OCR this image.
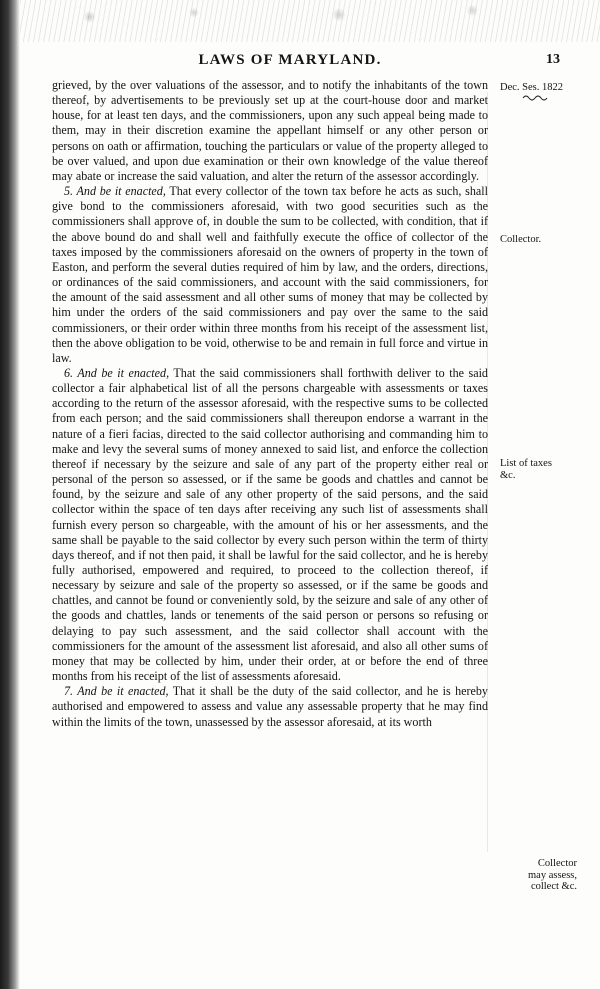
LAWS OF MARYLAND.	13
Dec. Ses. 1822
Collector.
List of taxes
&c.
Collector
may assess,
collect &c.

grieved, by the over valuations of the assessor, and to notify the inhabitants of the town thereof, by advertisements to be previously set up at the court-house door and market house, for at least ten days, and the commissioners, upon any such appeal being made to them, may in their discretion examine the appellant himself or any other person or persons on oath or affirmation, touching the particulars or value of the property alleged to be over valued, and upon due examination or their own knowledge of the value thereof may abate or increase the said valuation, and alter the return of the assessor accordingly.

5. And be it enacted, That every collector of the town tax before he acts as such, shall give bond to the commissioners aforesaid, with two good securities such as the commissioners shall approve of, in double the sum to be collected, with condition, that if the above bound do and shall well and faithfully execute the office of collector of the taxes imposed by the commissioners aforesaid on the owners of property in the town of Easton, and perform the several duties required of him by law, and the orders, directions, or ordinances of the said commissioners, and account with the said commissioners, for the amount of the said assessment and all other sums of money that may be collected by him under the orders of the said commissioners and pay over the same to the said commissioners, or their order within three months from his receipt of the assessment list, then the above obligation to be void, otherwise to be and remain in full force and virtue in law.

6. And be it enacted, That the said commissioners shall forthwith deliver to the said collector a fair alphabetical list of all the persons chargeable with assessments or taxes according to the return of the assessor aforesaid, with the respective sums to be collected from each person; and the said commissioners shall thereupon endorse a warrant in the nature of a fieri facias, directed to the said collector authorising and commanding him to make and levy the several sums of money annexed to said list, and enforce the collection thereof if necessary by the seizure and sale of any part of the property either real or personal of the person so assessed, or if the same be goods and chattles and cannot be found, by the seizure and sale of any other property of the said persons, and the said collector within the space of ten days after receiving any such list of assessments shall furnish every person so chargeable, with the amount of his or her assessments, and the same shall be payable to the said collector by every such person within the term of thirty days thereof, and if not then paid, it shall be lawful for the said collector, and he is hereby fully authorised, empowered and required, to proceed to the collection thereof, if necessary by seizure and sale of the property so assessed, or if the same be goods and chattles, and cannot be found or conveniently sold, by the seizure and sale of any other of the goods and chattles, lands or tenements of the said person or persons so refusing or delaying to pay such assessment, and the said collector shall account with the commissioners for the amount of the assessment list aforesaid, and also all other sums of money that may be collected by him, under their order, at or before the end of three months from his receipt of the list of assessments aforesaid.

7. And be it enacted, That it shall be the duty of the said collector, and he is hereby authorised and empowered to assess and value any assessable property that he may find within the limits of the town, unassessed by the assessor aforesaid, at its worth
